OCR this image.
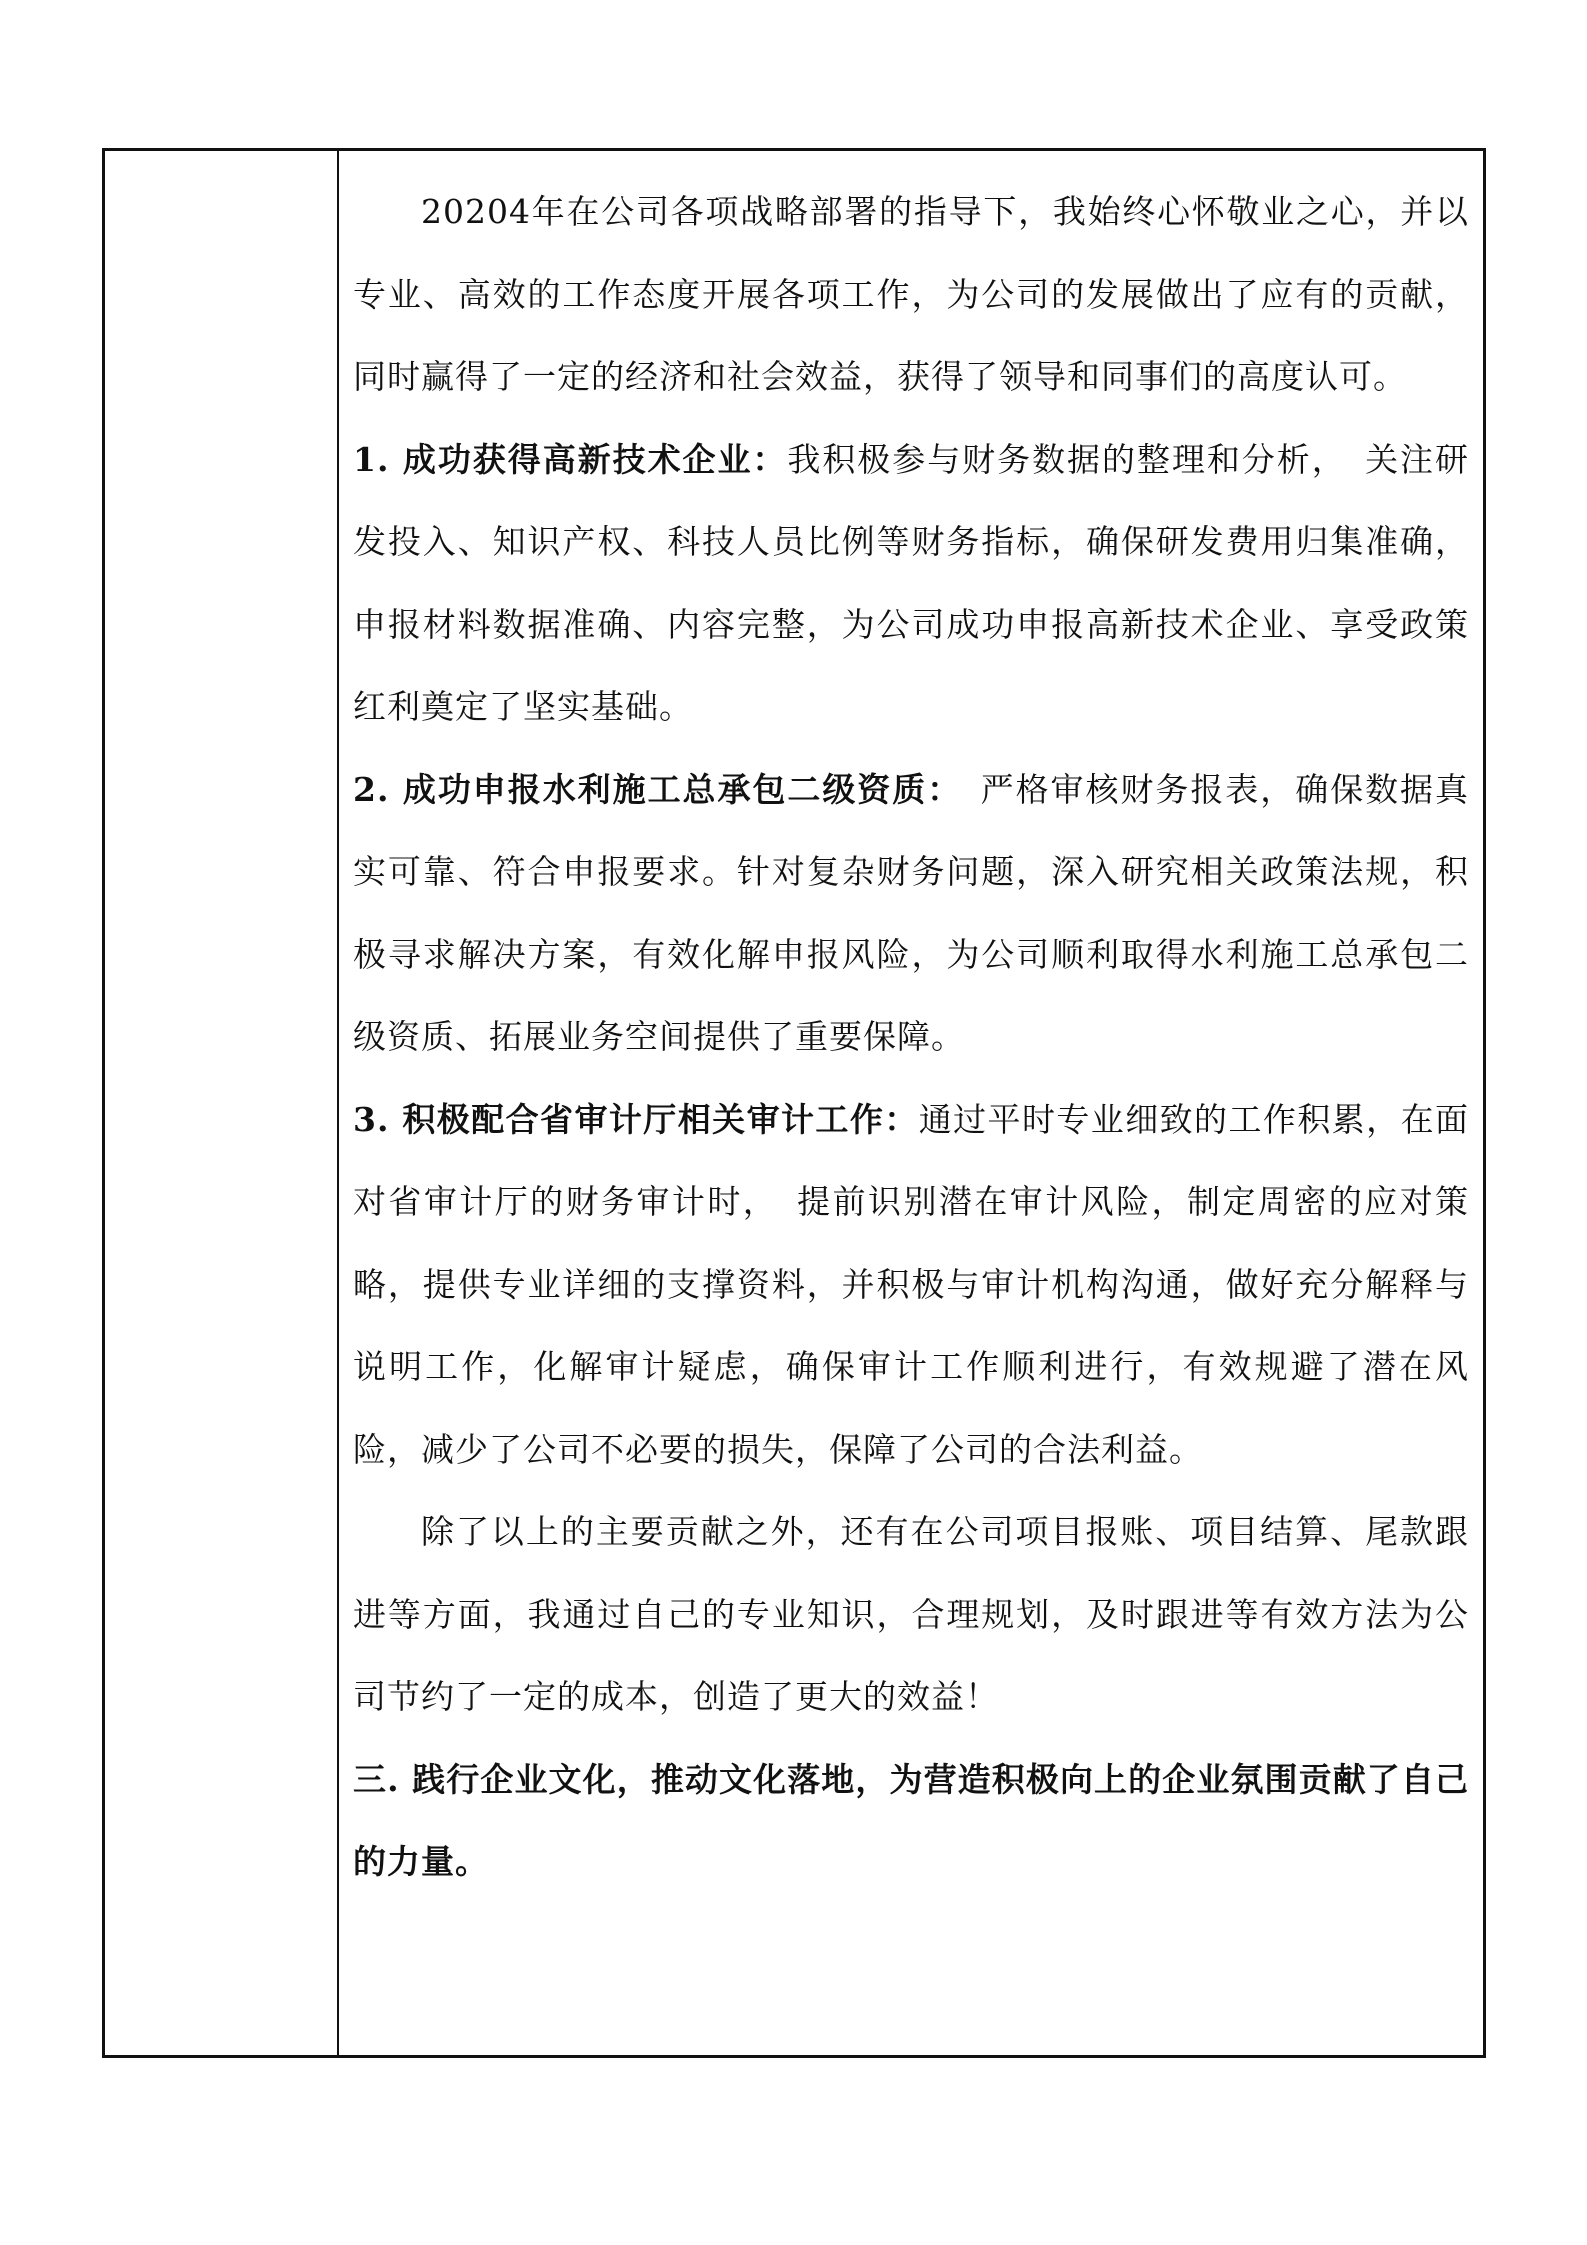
20204年在公司各项战略部署的指导下，我始终心怀敬业之心，并以专业、高效的工作态度开展各项工作，为公司的发展做出了应有的贡献，同时赢得了一定的经济和社会效益，获得了领导和同事们的高度认可。

1. 成功获得高新技术企业：我积极参与财务数据的整理和分析，　关注研发投入、知识产权、科技人员比例等财务指标，确保研发费用归集准确，申报材料数据准确、内容完整，为公司成功申报高新技术企业、享受政策红利奠定了坚实基础。

2. 成功申报水利施工总承包二级资质：　严格审核财务报表，确保数据真实可靠、符合申报要求。针对复杂财务问题，深入研究相关政策法规，积极寻求解决方案，有效化解申报风险，为公司顺利取得水利施工总承包二级资质、拓展业务空间提供了重要保障。

3. 积极配合省审计厅相关审计工作：通过平时专业细致的工作积累，在面对省审计厅的财务审计时，　提前识别潜在审计风险，制定周密的应对策略，提供专业详细的支撑资料，并积极与审计机构沟通，做好充分解释与说明工作，化解审计疑虑，确保审计工作顺利进行，有效规避了潜在风险，减少了公司不必要的损失，保障了公司的合法利益。

除了以上的主要贡献之外，还有在公司项目报账、项目结算、尾款跟进等方面，我通过自己的专业知识，合理规划，及时跟进等有效方法为公司节约了一定的成本，创造了更大的效益！

三. 践行企业文化，推动文化落地，为营造积极向上的企业氛围贡献了自己的力量。
